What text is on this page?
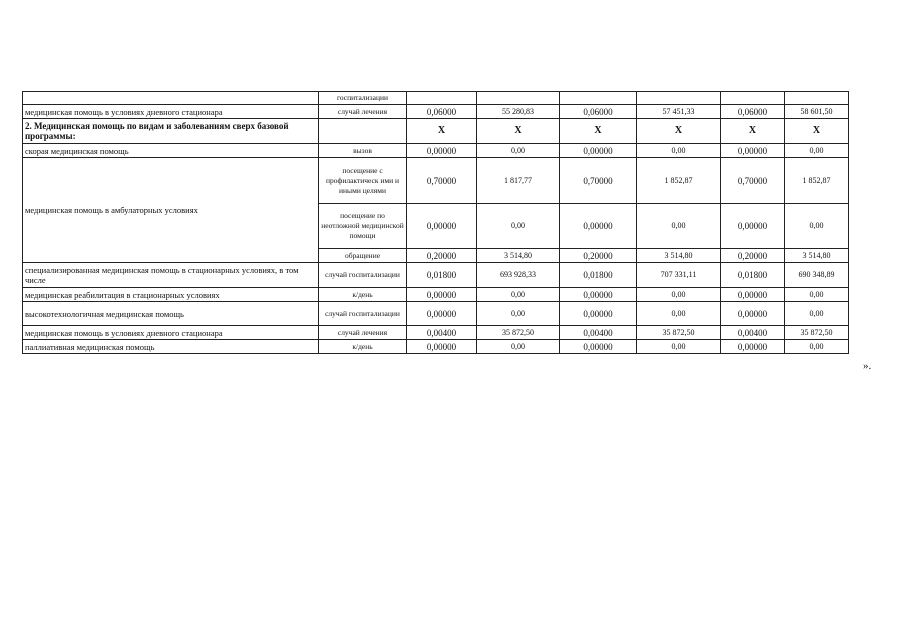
	госпитализации						
медицинская помощь в условиях дневного стационара	случай лечения	0,06000	55 280,83	0,06000	57 451,33	0,06000	58 601,50
2. Медицинская помощь по видам и заболеваниям сверх базовой программы:		X	X	X	X	X	X
скорая медицинская помощь	вызов	0,00000	0,00	0,00000	0,00	0,00000	0,00
медицинская помощь в амбулаторных условиях	посещение с профилактическ ими и иными целями	0,70000	1 817,77	0,70000	1 852,87	0,70000	1 852,87
	посещение по неотложной медицинской помощи	0,00000	0,00	0,00000	0,00	0,00000	0,00
	обращение	0,20000	3 514,80	0,20000	3 514,80	0,20000	3 514,80
специализированная медицинская помощь в стационарных условиях, в том числе	случай госпитализации	0,01800	693 928,33	0,01800	707 331,11	0,01800	690 348,89
медицинская реабилитация в стационарных условиях	к/день	0,00000	0,00	0,00000	0,00	0,00000	0,00
высокотехнологичная медицинская помощь	случай госпитализации	0,00000	0,00	0,00000	0,00	0,00000	0,00
медицинская помощь в условиях дневного стационара	случай лечения	0,00400	35 872,50	0,00400	35 872,50	0,00400	35 872,50
паллиативная медицинская помощь	к/день	0,00000	0,00	0,00000	0,00	0,00000	0,00
».
